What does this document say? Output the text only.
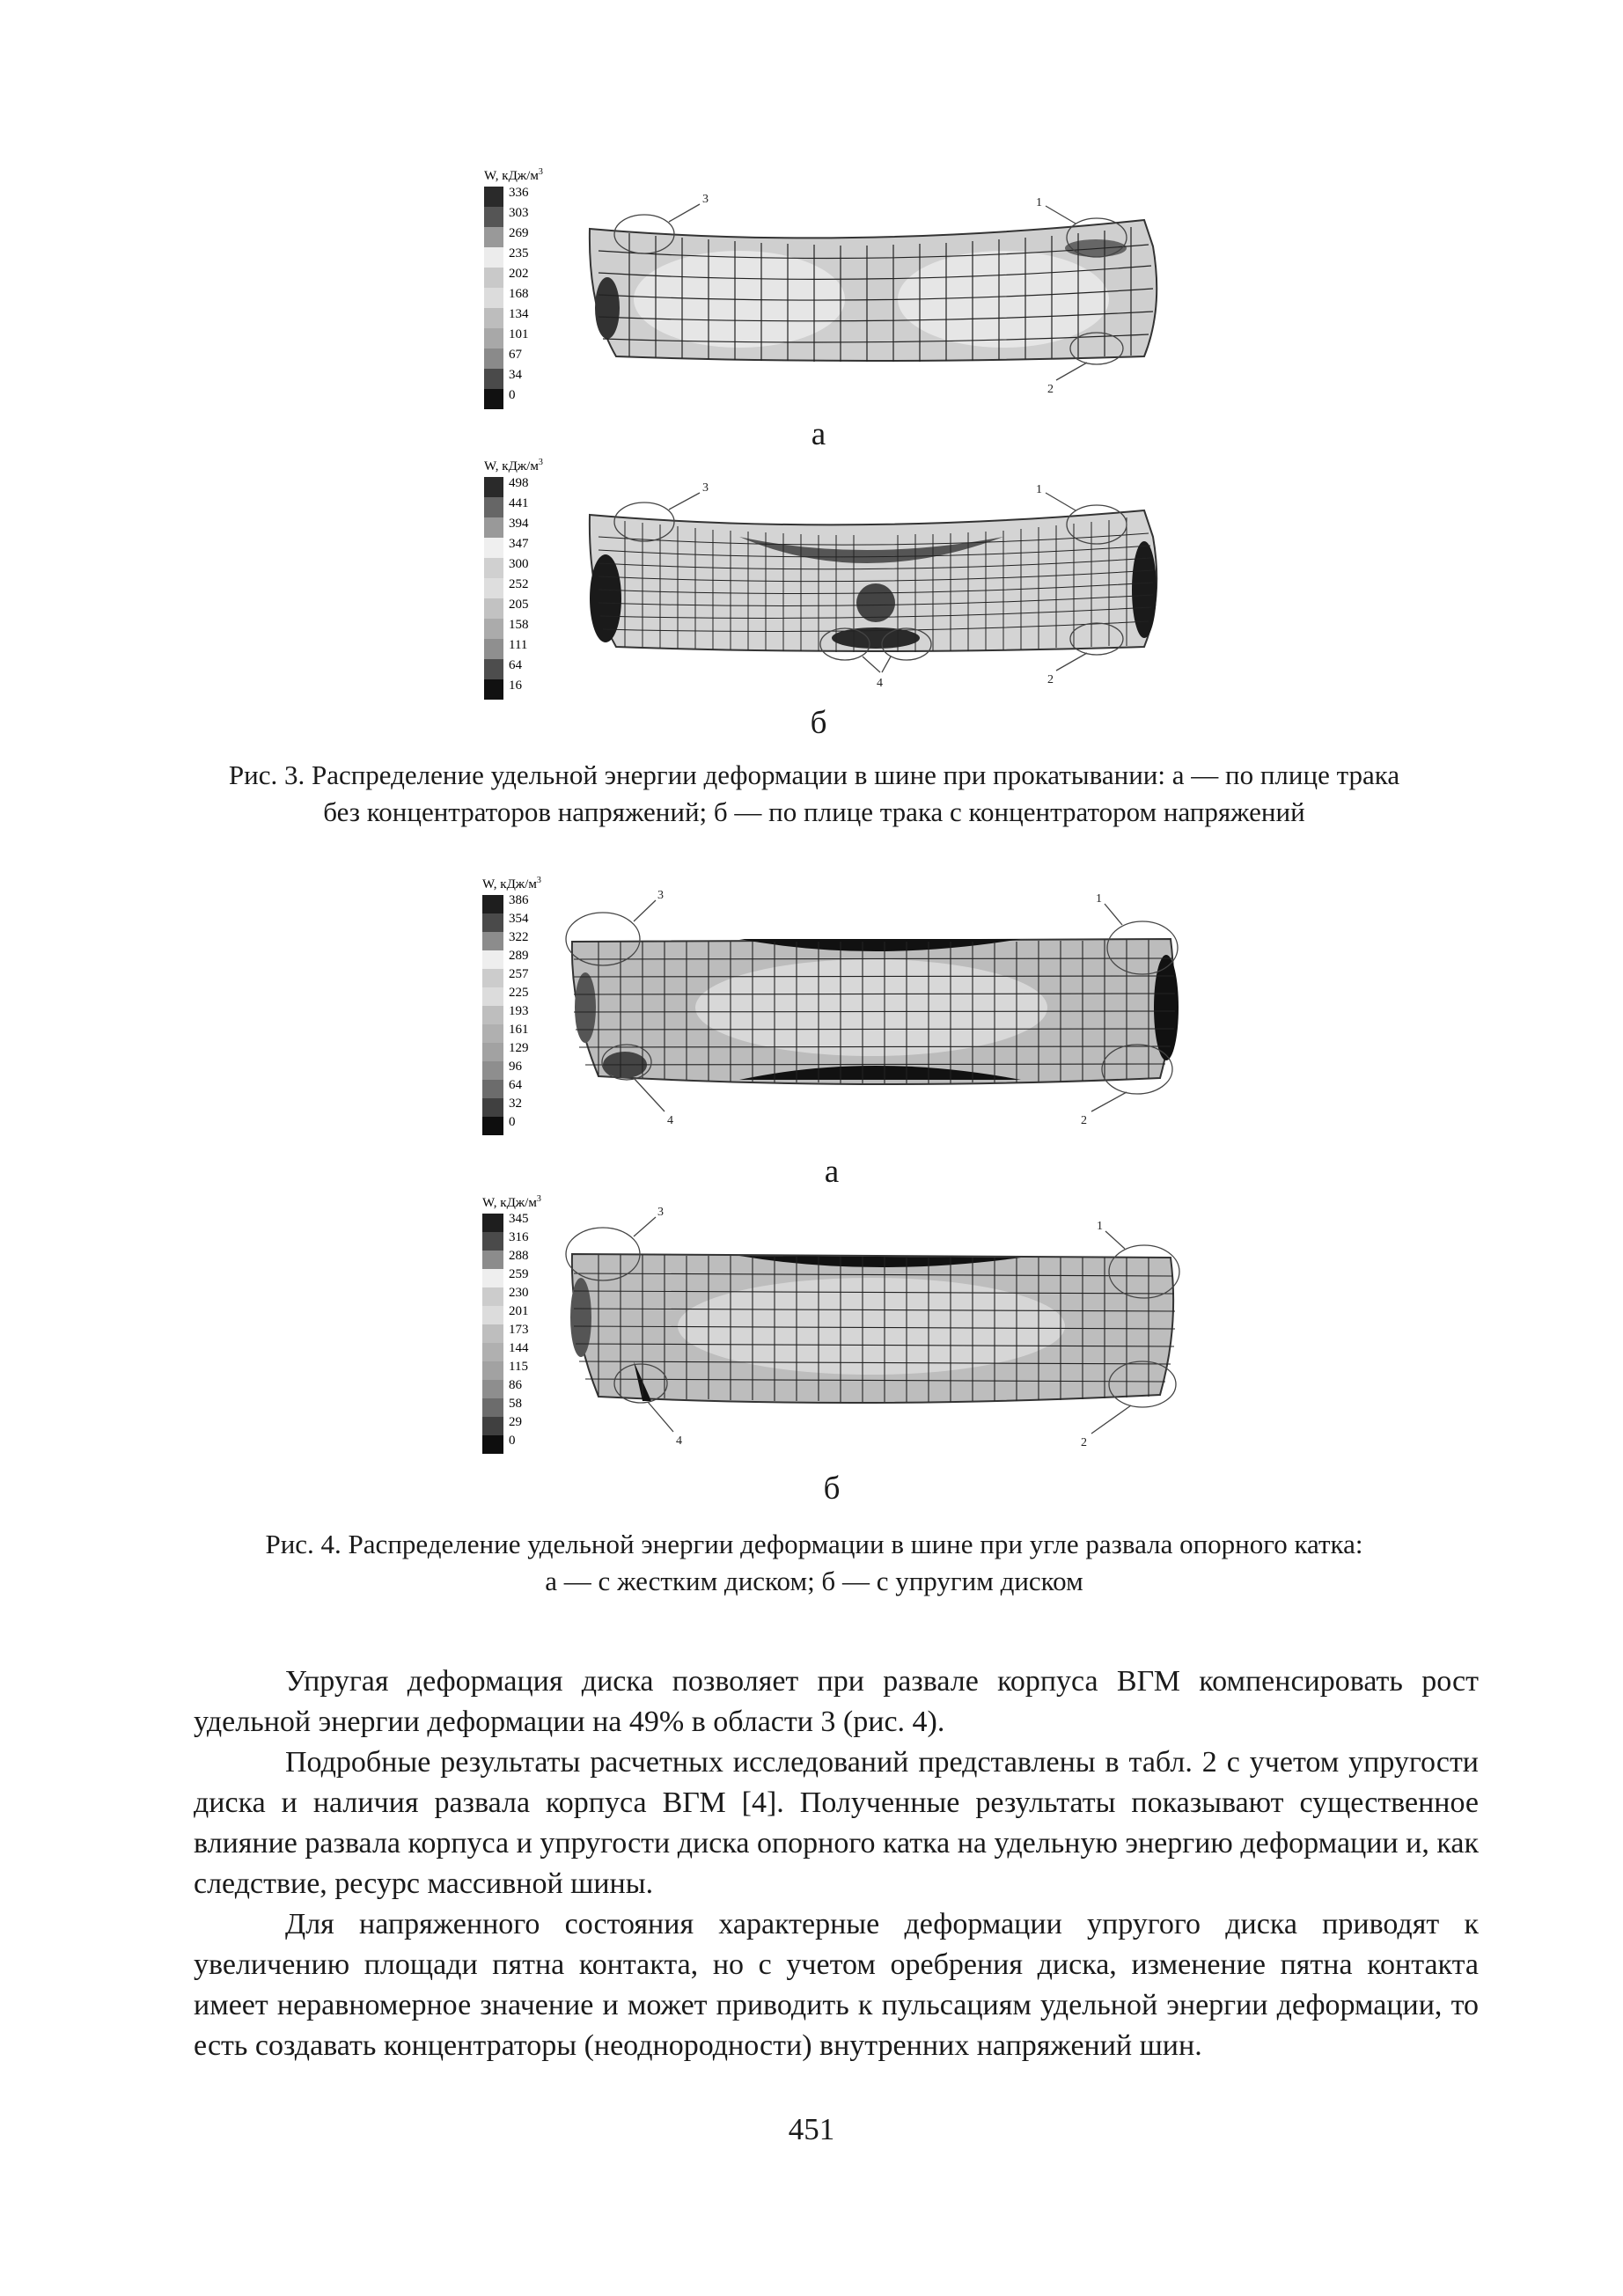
W, кДж/$м^3$
336
303
269
235
202
168
134
101
67
34
0
3	1
2
а
W, кДж/$м^3$
498
441
394
347
300
252
205
158
111
64
16
3	1
4	2
б
Рис. 3. Распределение удельной энергии деформации в шине при прокатывании: а — по плице трака
без концентраторов напряжений; б — по плице трака с концентратором напряжений
W, кДж/$м^3$
386
354
322
289
257
225
193
161
129
96
64
32
0
3	1
4	2
а
W, кДж/$м^3$
345
316
288
259
230
201
173
144
115
86
58
29
0
3
1
4	2
б
Рис. 4. Распределение удельной энергии деформации в шине при угле развала опорного катка:
а — с жестким диском; б — с упругим диском

Упругая деформация диска позволяет при развале корпуса ВГМ компенсировать рост удельной энергии деформации на 49% в области 3 (рис. 4).

Подробные результаты расчетных исследований представлены в табл. 2 с учетом упругости диска и наличия развала корпуса ВГМ [4]. Полученные результаты показывают существенное влияние развала корпуса и упругости диска опорного катка на удельную энергию деформации и, как следствие, ресурс массивной шины.

Для напряженного состояния характерные деформации упругого диска приводят к увеличению площади пятна контакта, но с учетом оребрения диска, изменение пятна контакта имеет неравномерное значение и может приводить к пульсациям удельной энергии деформации, то есть создавать концентраторы (неоднородности) внутренних напряжений шин.

451
